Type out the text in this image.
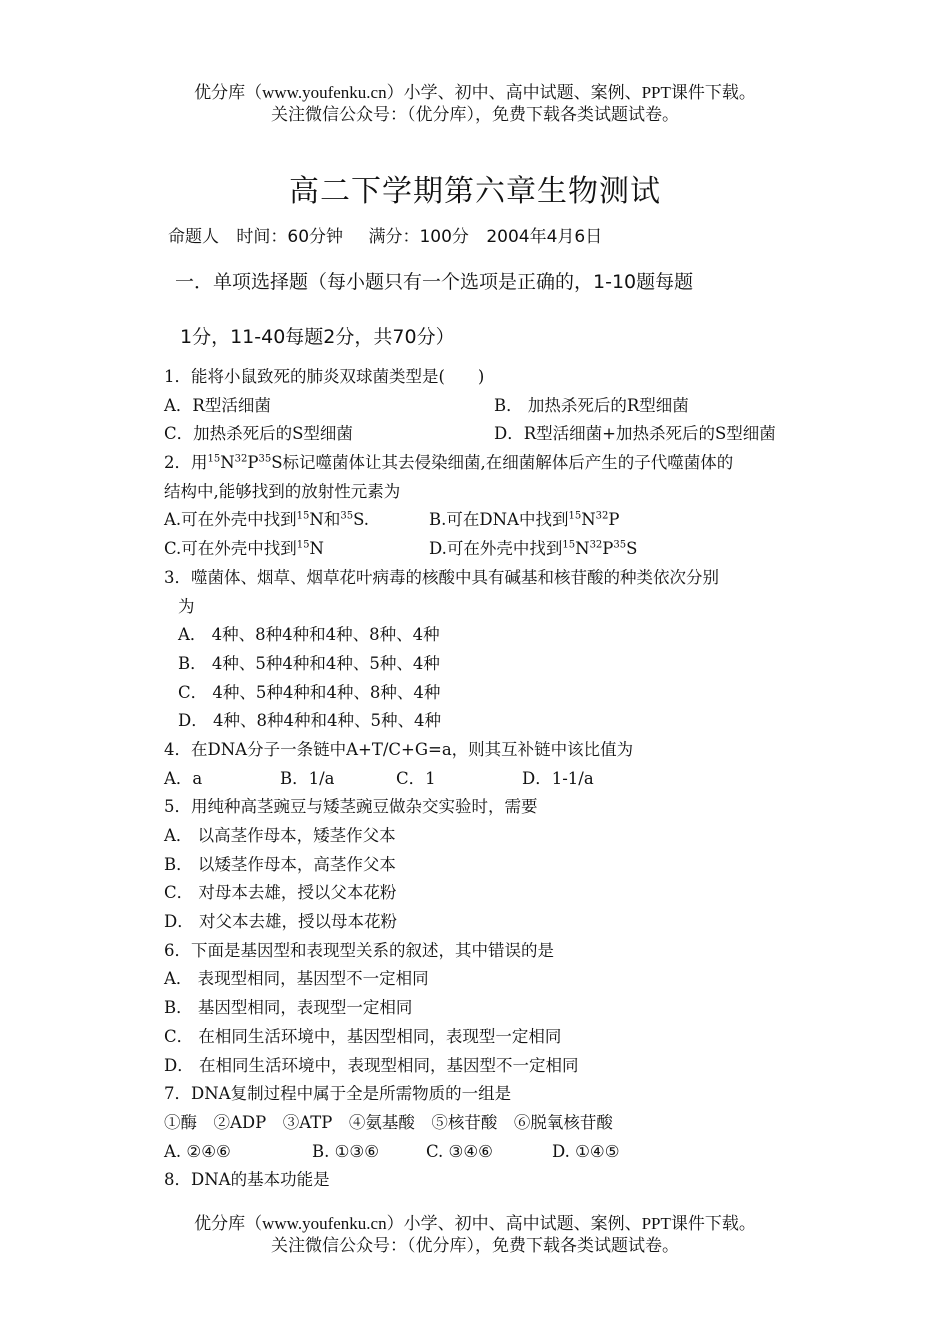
优分库（www.youfenku.cn）小学、初中、高中试题、案例、PPT课件下载。
关注微信公众号：（优分库），免费下载各类试题试卷。
高二下学期第六章生物测试
命题人 时间：60分钟 满分：100分 2004年4月6日
一．单项选择题（每小题只有一个选项是正确的，1-10题每题
1分，11-40每题2分，共70分）
1．能将小鼠致死的肺炎双球菌类型是(　　)
A．R型活细菌	B． 加热杀死后的R型细菌
C．加热杀死后的S型细菌	D．R型活细菌+加热杀死后的S型细菌
2．用$^{15}N^{32}P^{35}S$标记噬菌体让其去侵染细菌,在细菌解体后产生的子代噬菌体的
结构中,能够找到的放射性元素为
A.可在外壳中找到$^{15}$N和$^{35}$S.	B.可在DNA中找到$^{15}N^{32}P$
C.可在外壳中找到$^{15}$N	D.可在外壳中找到$^{15}N^{32}P^{35}S$
3．噬菌体、烟草、烟草花叶病毒的核酸中具有碱基和核苷酸的种类依次分别
为
A． 4种、8种4种和4种、8种、4种
B． 4种、5种4种和4种、5种、4种
C． 4种、5种4种和4种、8种、4种
D． 4种、8种4种和4种、5种、4种
4．在DNA分子一条链中A+T/C+G=a，则其互补链中该比值为
A．a	B．1/a	C．1	D．1-1/a
5．用纯种高茎豌豆与矮茎豌豆做杂交实验时，需要
A． 以高茎作母本，矮茎作父本
B． 以矮茎作母本，高茎作父本
C． 对母本去雄，授以父本花粉
D． 对父本去雄，授以母本花粉
6．下面是基因型和表现型关系的叙述，其中错误的是
A． 表现型相同，基因型不一定相同
B． 基因型相同，表现型一定相同
C． 在相同生活环境中，基因型相同，表现型一定相同
D． 在相同生活环境中，表现型相同，基因型不一定相同
7．DNA复制过程中属于全是所需物质的一组是
①酶　②ADP　③ATP　④氨基酸　⑤核苷酸　⑥脱氧核苷酸
A. ②④⑥	B. ①③⑥	C. ③④⑥	D. ①④⑤
8．DNA的基本功能是
优分库（www.youfenku.cn）小学、初中、高中试题、案例、PPT课件下载。
关注微信公众号：（优分库），免费下载各类试题试卷。
